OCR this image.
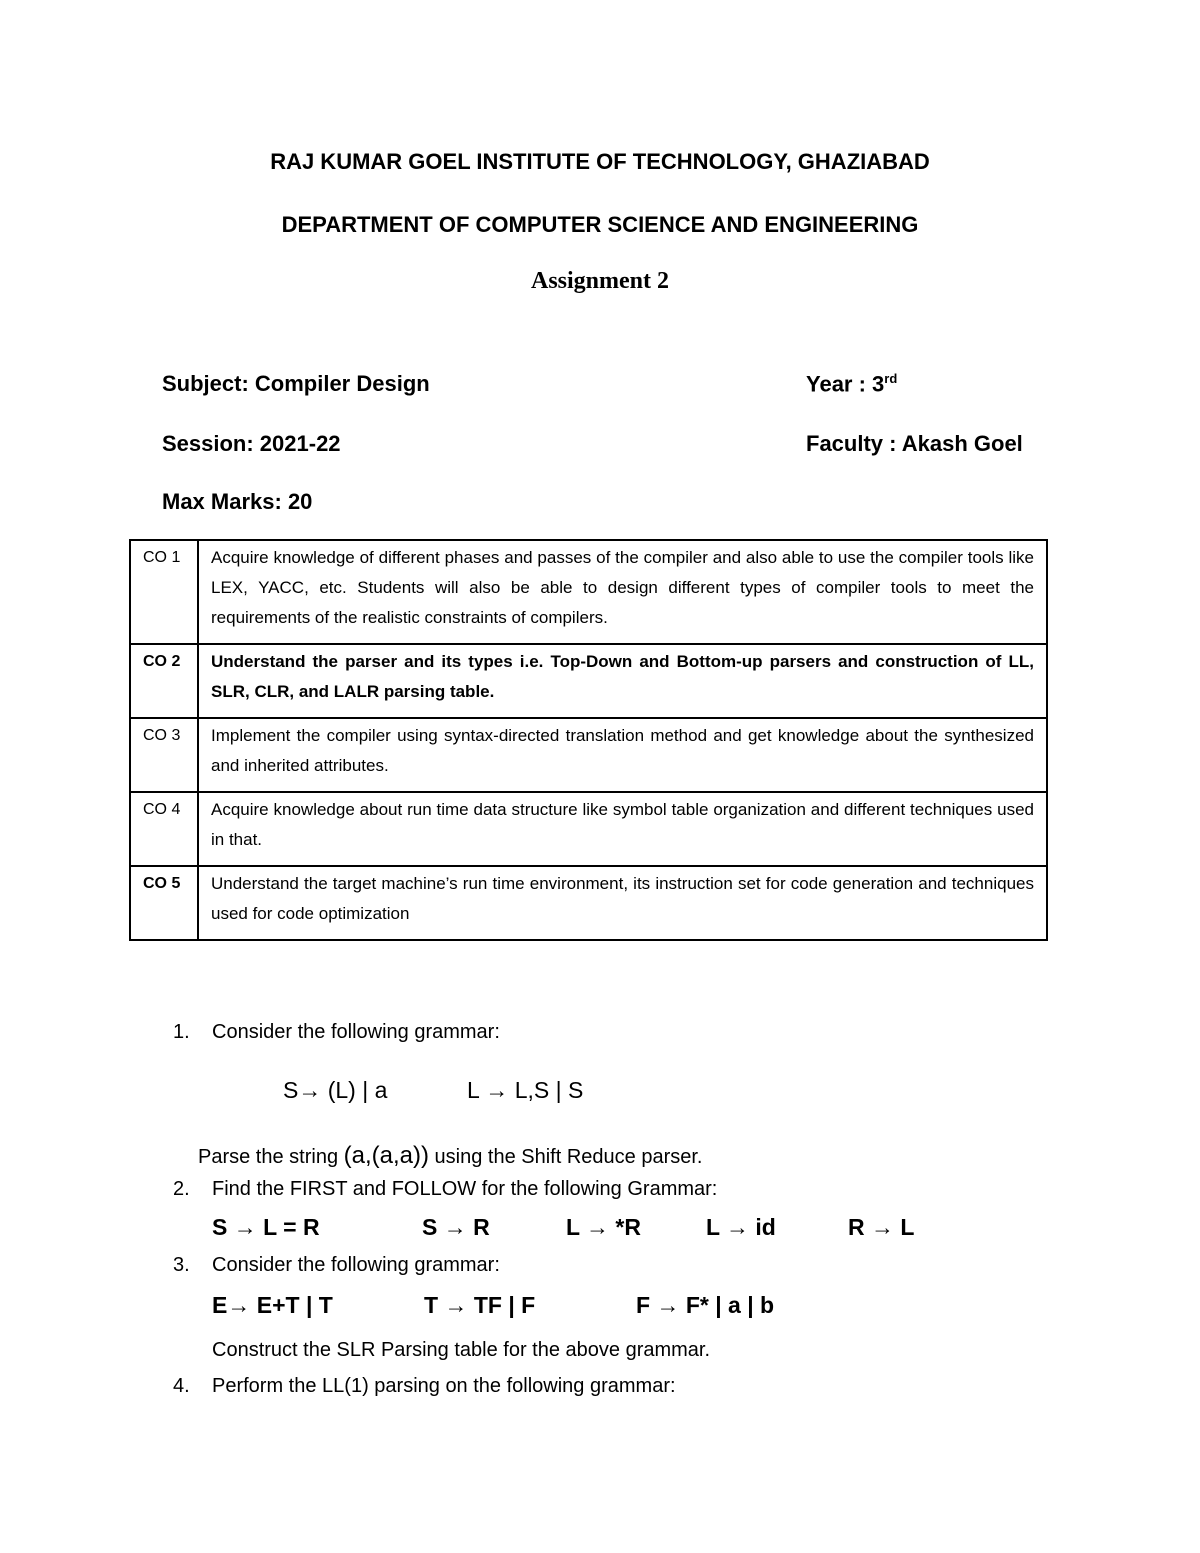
RAJ KUMAR GOEL INSTITUTE OF TECHNOLOGY, GHAZIABAD
DEPARTMENT OF COMPUTER SCIENCE AND ENGINEERING
Assignment 2
Subject: Compiler Design	Year : 3rd
Session: 2021-22	Faculty : Akash Goel
Max Marks: 20
CO 1	Acquire knowledge of different phases and passes of the compiler and also able to use the compiler tools like LEX, YACC, etc. Students will also be able to design different types of compiler tools to meet the requirements of the realistic constraints of compilers.
CO 2	Understand the parser and its types i.e. Top-Down and Bottom-up parsers and construction of LL, SLR, CLR, and LALR parsing table.
CO 3	Implement the compiler using syntax-directed translation method and get knowledge about the synthesized and inherited attributes.
CO 4	Acquire knowledge about run time data structure like symbol table organization and different techniques used in that.
CO 5	Understand the target machine’s run time environment, its instruction set for code generation and techniques used for code optimization
1. Consider the following grammar:
S→ (L) | a	L → L,S | S
Parse the string (a,(a,a)) using the Shift Reduce parser.
2. Find the FIRST and FOLLOW for the following Grammar:
S → L = R	S → R	L → *R	L → id	R → L
3. Consider the following grammar:
E→ E+T | T	T → TF | F	F → F* | a | b
Construct the SLR Parsing table for the above grammar.
4. Perform the LL(1) parsing on the following grammar:
